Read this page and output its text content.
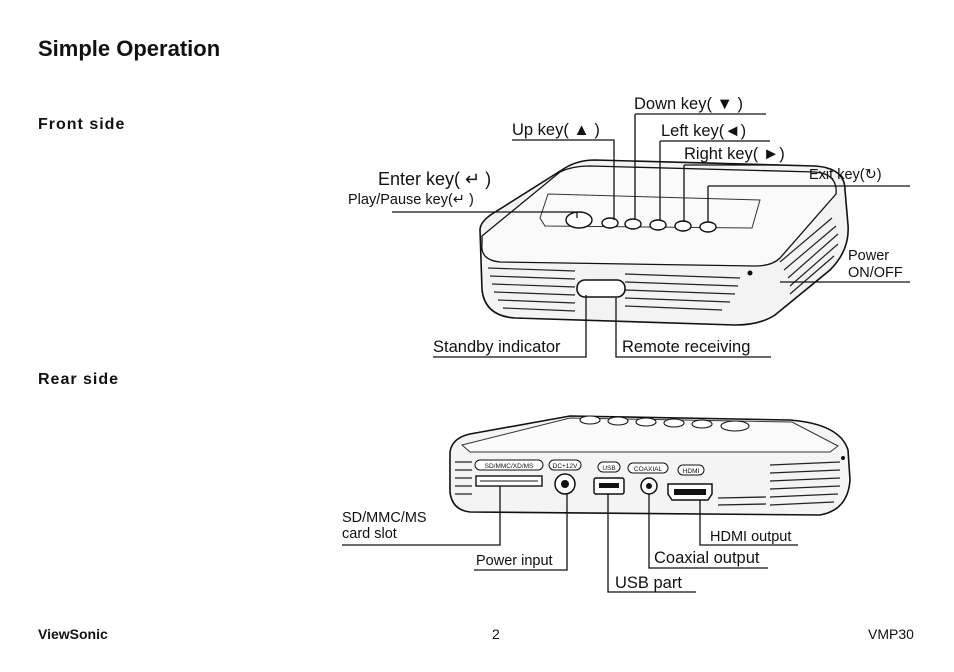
Simple Operation
Front side
Rear side
Down key( ▼ )
Up key( ▲ )	Left key(◄)
Right key( ►)
Exit key(↻)
Enter key( ↵ )
Play/Pause key(↵ )
Power
ON/OFF
Standby indicator	Remote receiving
SD/MMC/XD/MS	DC+12V	USB	COAXIAL	HDMI
SD/MMC/MS
card slot
Power input
USB part
Coaxial output
HDMI output
ViewSonic	2	VMP30
